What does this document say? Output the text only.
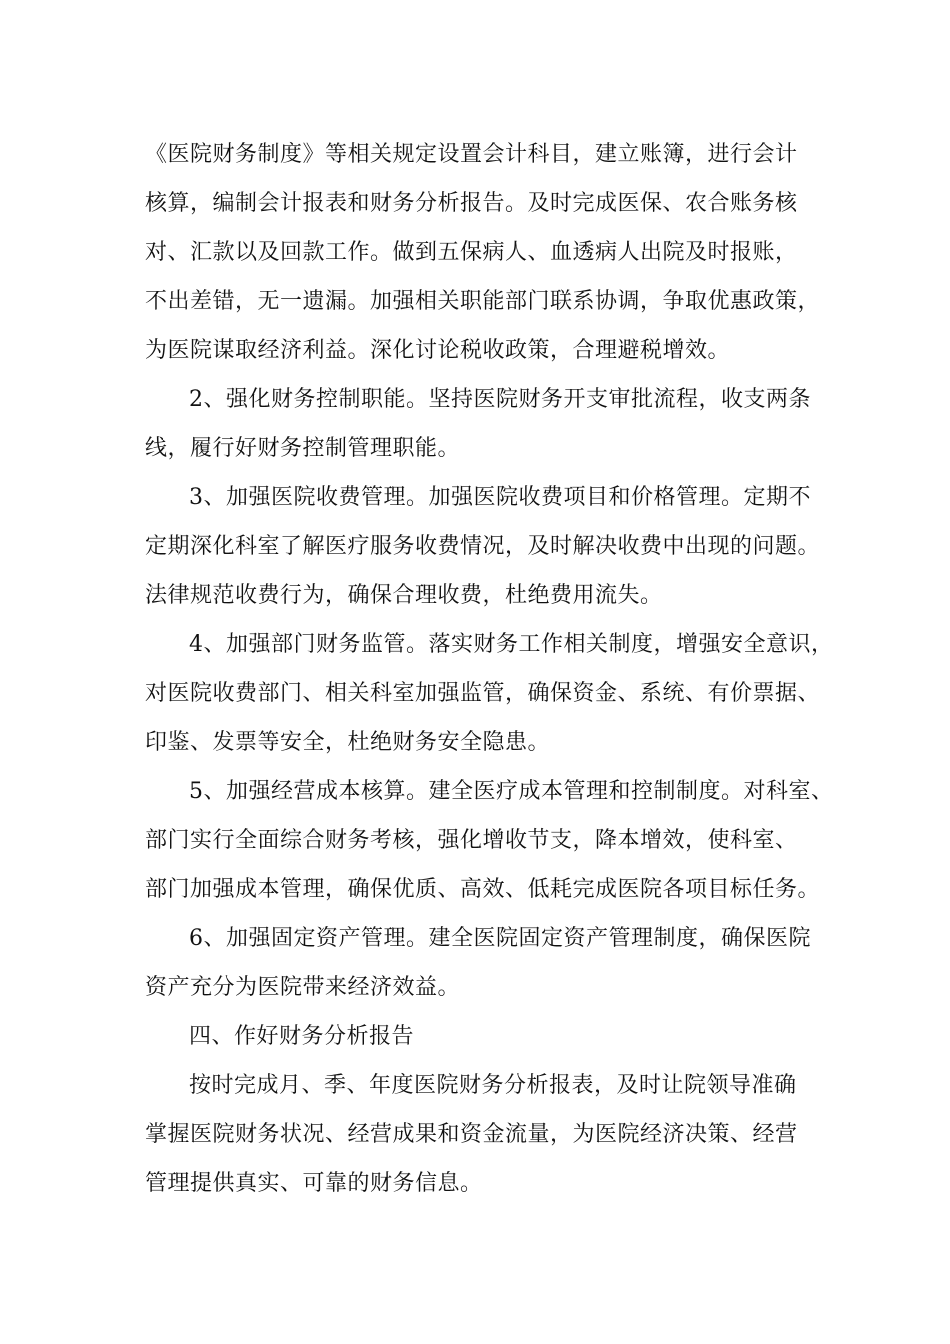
《医院财务制度》等相关规定设置会计科目，建立账簿，进行会计
核算，编制会计报表和财务分析报告。及时完成医保、农合账务核
对、汇款以及回款工作。做到五保病人、血透病人出院及时报账，
不出差错，无一遗漏。加强相关职能部门联系协调，争取优惠政策，
为医院谋取经济利益。深化讨论税收政策，合理避税增效。
2、强化财务控制职能。坚持医院财务开支审批流程，收支两条
线，履行好财务控制管理职能。
3、加强医院收费管理。加强医院收费项目和价格管理。定期不
定期深化科室了解医疗服务收费情况，及时解决收费中出现的问题。
法律规范收费行为，确保合理收费，杜绝费用流失。
4、加强部门财务监管。落实财务工作相关制度，增强安全意识，
对医院收费部门、相关科室加强监管，确保资金、系统、有价票据、
印鉴、发票等安全，杜绝财务安全隐患。
5、加强经营成本核算。建全医疗成本管理和控制制度。对科室、
部门实行全面综合财务考核，强化增收节支，降本增效，使科室、
部门加强成本管理，确保优质、高效、低耗完成医院各项目标任务。
6、加强固定资产管理。建全医院固定资产管理制度，确保医院
资产充分为医院带来经济效益。
四、作好财务分析报告
按时完成月、季、年度医院财务分析报表，及时让院领导准确
掌握医院财务状况、经营成果和资金流量，为医院经济决策、经营
管理提供真实、可靠的财务信息。
